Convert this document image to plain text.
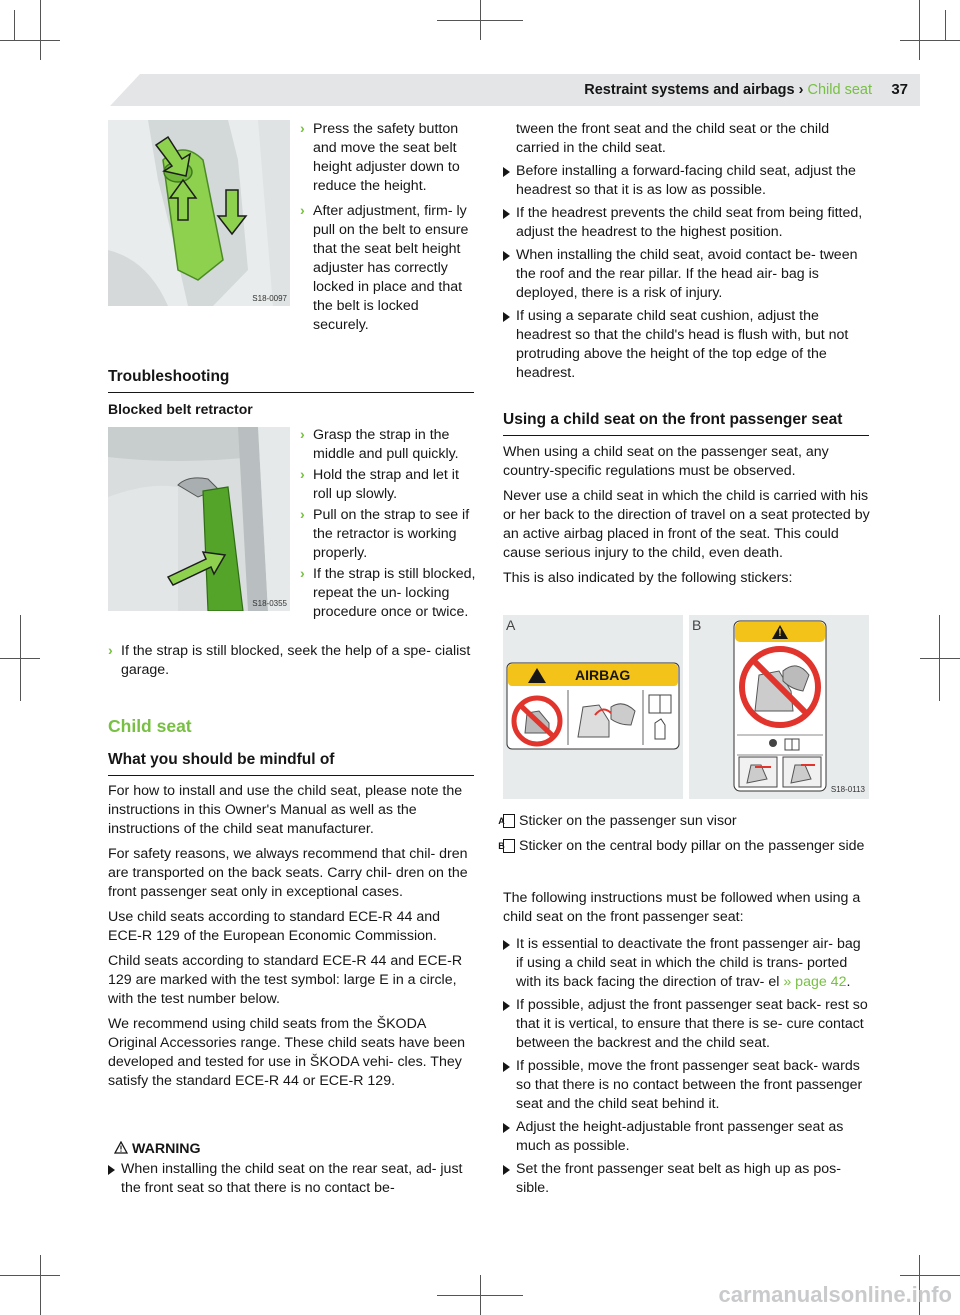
Restraint systems and airbags › Child seat 37
S18-0097
› Press the safety button and move the seat belt height adjuster down to reduce the height.
› After adjustment, firm- ly pull on the belt to ensure that the seat belt height adjuster has correctly locked in place and that the belt is locked securely.
Troubleshooting
Blocked belt retractor
S18-0355
› Grasp the strap in the middle and pull quickly.
› Hold the strap and let it roll up slowly.
› Pull on the strap to see if the retractor is working properly.
› If the strap is still blocked, repeat the un- locking procedure once or twice.
› If the strap is still blocked, seek the help of a spe- cialist garage.
Child seat
What you should be mindful of

For how to install and use the child seat, please note the instructions in this Owner's Manual as well as the instructions of the child seat manufacturer.

For safety reasons, we always recommend that chil- dren are transported on the back seats. Carry chil- dren on the front passenger seat only in exceptional cases.

Use child seats according to standard ECE-R 44 and ECE-R 129 of the European Economic Commission.

Child seats according to standard ECE-R 44 and ECE-R 129 are marked with the test symbol: large E in a circle, with the test number below.

We recommend using child seats from the ŠKODA Original Accessories range. These child seats have been developed and tested for use in ŠKODA vehi- cles. They satisfy the standard ECE-R 44 or ECE-R 129.

WARNING
When installing the child seat on the rear seat, ad- just the front seat so that there is no contact be-
tween the front seat and the child seat or the child carried in the child seat.
Before installing a forward-facing child seat, adjust the headrest so that it is as low as possible.
If the headrest prevents the child seat from being fitted, adjust the headrest to the highest position.
When installing the child seat, avoid contact be- tween the roof and the rear pillar. If the head air- bag is deployed, there is a risk of injury.
If using a separate child seat cushion, adjust the headrest so that the child's head is flush with, but not protruding above the height of the top edge of the headrest.
Using a child seat on the front passenger seat

When using a child seat on the passenger seat, any country-specific regulations must be observed.

Never use a child seat in which the child is carried with his or her back to the direction of travel on a seat protected by an active airbag placed in front of the seat. This could cause serious injury to the child, even death.

This is also indicated by the following stickers:

AIRBAG
A	!
B
S18-0113
A Sticker on the passenger sun visor
B Sticker on the central body pillar on the passenger side
The following instructions must be followed when using a child seat on the front passenger seat:
It is essential to deactivate the front passenger air- bag if using a child seat in which the child is trans- ported with its back facing the direction of trav- el » page 42.
If possible, adjust the front passenger seat back- rest so that it is vertical, to ensure that there is se- cure contact between the backrest and the child seat.
If possible, move the front passenger seat back- wards so that there is no contact between the front passenger seat and the child seat behind it.
Adjust the height-adjustable front passenger seat as much as possible.
Set the front passenger seat belt as high up as pos- sible.
carmanualsonline.info
